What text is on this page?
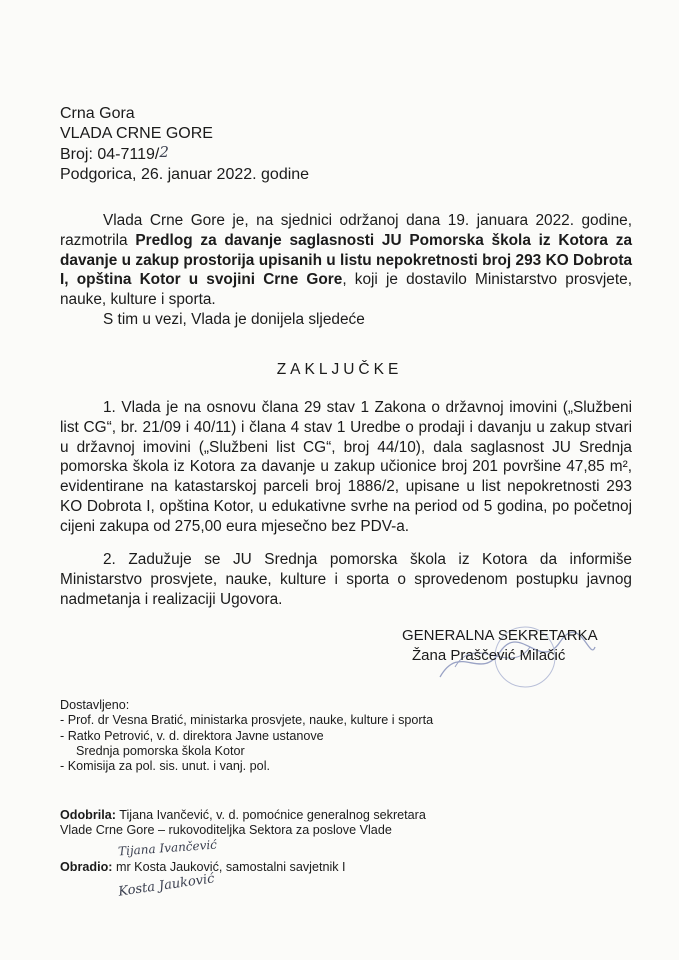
Crna Gora
VLADA CRNE GORE
Broj: 04-7119/2
Podgorica, 26. januar 2022. godine
Vlada Crne Gore je, na sjednici održanoj dana 19. januara 2022. godine, razmotrila Predlog za davanje saglasnosti JU Pomorska škola iz Kotora za davanje u zakup prostorija upisanih u listu nepokretnosti broj 293 KO Dobrota I, opština Kotor u svojini Crne Gore, koji je dostavilo Ministarstvo prosvjete, nauke, kulture i sporta.
S tim u vezi, Vlada je donijela sljedeće
ZAKLJUČKE
1. Vlada je na osnovu člana 29 stav 1 Zakona o državnoj imovini („Službeni list CG“, br. 21/09 i 40/11) i člana 4 stav 1 Uredbe o prodaji i davanju u zakup stvari u državnoj imovini („Službeni list CG“, broj 44/10), dala saglasnost JU Srednja pomorska škola iz Kotora za davanje u zakup učionice broj 201 površine 47,85 m², evidentirane na katastarskoj parceli broj 1886/2, upisane u list nepokretnosti 293 KO Dobrota I, opština Kotor, u edukativne svrhe na period od 5 godina, po početnoj cijeni zakupa od 275,00 eura mjesečno bez PDV-a.
2. Zadužuje se JU Srednja pomorska škola iz Kotora da informiše Ministarstvo prosvjete, nauke, kulture i sporta o sprovedenom postupku javnog nadmetanja i realizaciji Ugovora.
GENERALNA SEKRETARKA
Žana Praščević Milačić
Dostavljeno:
- Prof. dr Vesna Bratić, ministarka prosvjete, nauke, kulture i sporta
- Ratko Petrović, v. d. direktora Javne ustanove
Srednja pomorska škola Kotor
- Komisija za pol. sis. unut. i vanj. pol.
Odobrila: Tijana Ivančević, v. d. pomoćnice generalnog sekretara
Vlade Crne Gore – rukovoditeljka Sektora za poslove Vlade
Tijana Ivančević
Obradio: mr Kosta Jauković, samostalni savjetnik I
Kosta Jauković
